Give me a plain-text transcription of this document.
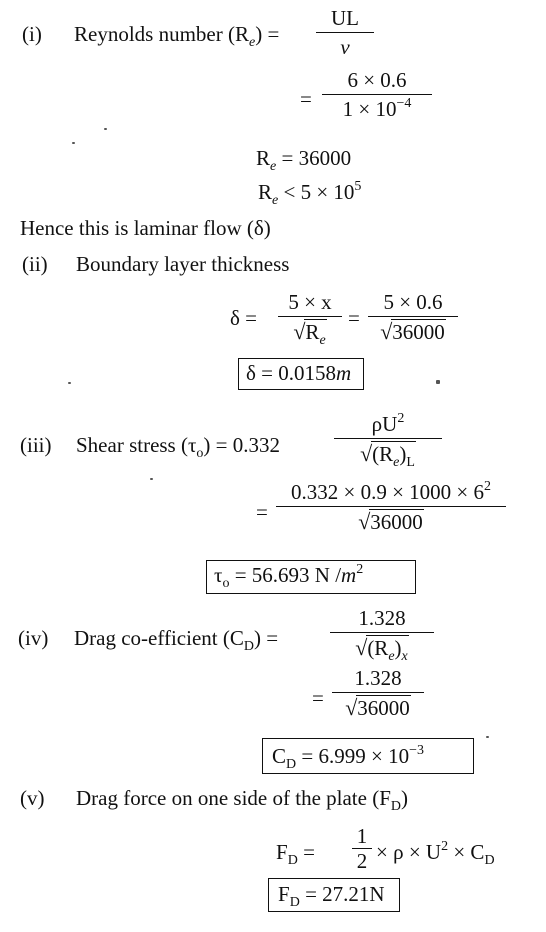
(i) Reynolds number $(R_e) = \frac{UL}{v}$
= $\frac{6 \times 0.6}{1 \times 10^{-4}}$
$R_e = 36000$
$R_e < 5 \times 10^5$
Hence this is laminar flow (δ)
(ii) Boundary layer thickness
$\delta = \frac{5 \times x}{√R_e} = \frac{5 \times 0.6}{√36000}$
δ = 0.0158m
(iii) Shear stress $(\tau_o) = 0.332$	$\frac{\rho U^2}{√(R_e)_L}$
= $\frac{0.332 \times 0.9 \times 1000 \times 6^2}{√36000}$
$\tau_o = 56.693$ N $/m^2$
(iv) Drag co-efficient $(C_D) = \frac{1.328}{√(R_e)_x}$
= $\frac{1.328}{√36000}$
$C_D = 6.999 \times 10^{-3}$
(v) Drag force on one side of the plate $(F_D)$
$F_D = \frac{1}{2} \times \rho \times U^2 \times C_D$
$F_D = 27.21N$
